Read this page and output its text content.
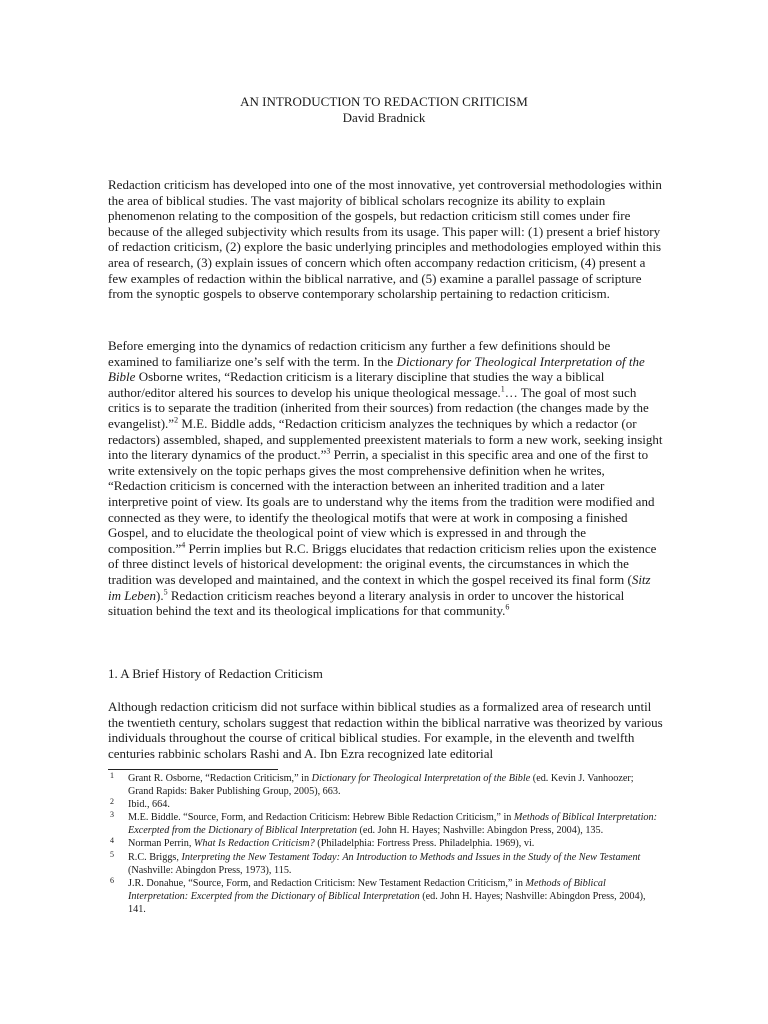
AN INTRODUCTION TO REDACTION CRITICISM
David Bradnick

Redaction criticism has developed into one of the most innovative, yet controversial methodologies within the area of biblical studies. The vast majority of biblical scholars recognize its ability to explain phenomenon relating to the composition of the gospels, but redaction criticism still comes under fire because of the alleged subjectivity which results from its usage. This paper will: (1) present a brief history of redaction criticism, (2) explore the basic underlying principles and methodologies employed within this area of research, (3) explain issues of concern which often accompany redaction criticism, (4) present a few examples of redaction within the biblical narrative, and (5) examine a parallel passage of scripture from the synoptic gospels to observe contemporary scholarship pertaining to redaction criticism.

Before emerging into the dynamics of redaction criticism any further a few definitions should be examined to familiarize one’s self with the term. In the Dictionary for Theological Interpretation of the Bible Osborne writes, “Redaction criticism is a literary discipline that studies the way a biblical author/editor altered his sources to develop his unique theological message.$^1$… The goal of most such critics is to separate the tradition (inherited from their sources) from redaction (the changes made by the evangelist).”$^2$ M.E. Biddle adds, “Redaction criticism analyzes the techniques by which a redactor (or redactors) assembled, shaped, and supplemented preexistent materials to form a new work, seeking insight into the literary dynamics of the product.”$^3$ Perrin, a specialist in this specific area and one of the first to write extensively on the topic perhaps gives the most comprehensive definition when he writes, “Redaction criticism is concerned with the interaction between an inherited tradition and a later interpretive point of view. Its goals are to understand why the items from the tradition were modified and connected as they were, to identify the theological motifs that were at work in composing a finished Gospel, and to elucidate the theological point of view which is expressed in and through the composition.”$^4$ Perrin implies but R.C. Briggs elucidates that redaction criticism relies upon the existence of three distinct levels of historical development: the original events, the circumstances in which the tradition was developed and maintained, and the context in which the gospel received its final form (Sitz im Leben).$^5$ Redaction criticism reaches beyond a literary analysis in order to uncover the historical situation behind the text and its theological implications for that community.$^6$

1. A Brief History of Redaction Criticism

Although redaction criticism did not surface within biblical studies as a formalized area of research until the twentieth century, scholars suggest that redaction within the biblical narrative was theorized by various individuals throughout the course of critical biblical studies. For example, in the eleventh and twelfth centuries rabbinic scholars Rashi and A. Ibn Ezra recognized late editorial

1 Grant R. Osborne, “Redaction Criticism,” in Dictionary for Theological Interpretation of the Bible (ed. Kevin J. Vanhoozer; Grand Rapids: Baker Publishing Group, 2005), 663.

2 Ibid., 664.

3 M.E. Biddle. “Source, Form, and Redaction Criticism: Hebrew Bible Redaction Criticism,” in Methods of Biblical Interpretation: Excerpted from the Dictionary of Biblical Interpretation (ed. John H. Hayes; Nashville: Abingdon Press, 2004), 135.

4 Norman Perrin, What Is Redaction Criticism? (Philadelphia: Fortress Press. Philadelphia. 1969), vi.

5 R.C. Briggs, Interpreting the New Testament Today: An Introduction to Methods and Issues in the Study of the New Testament (Nashville: Abingdon Press, 1973), 115.

6 J.R. Donahue, “Source, Form, and Redaction Criticism: New Testament Redaction Criticism,” in Methods of Biblical Interpretation: Excerpted from the Dictionary of Biblical Interpretation (ed. John H. Hayes; Nashville: Abingdon Press, 2004), 141.
